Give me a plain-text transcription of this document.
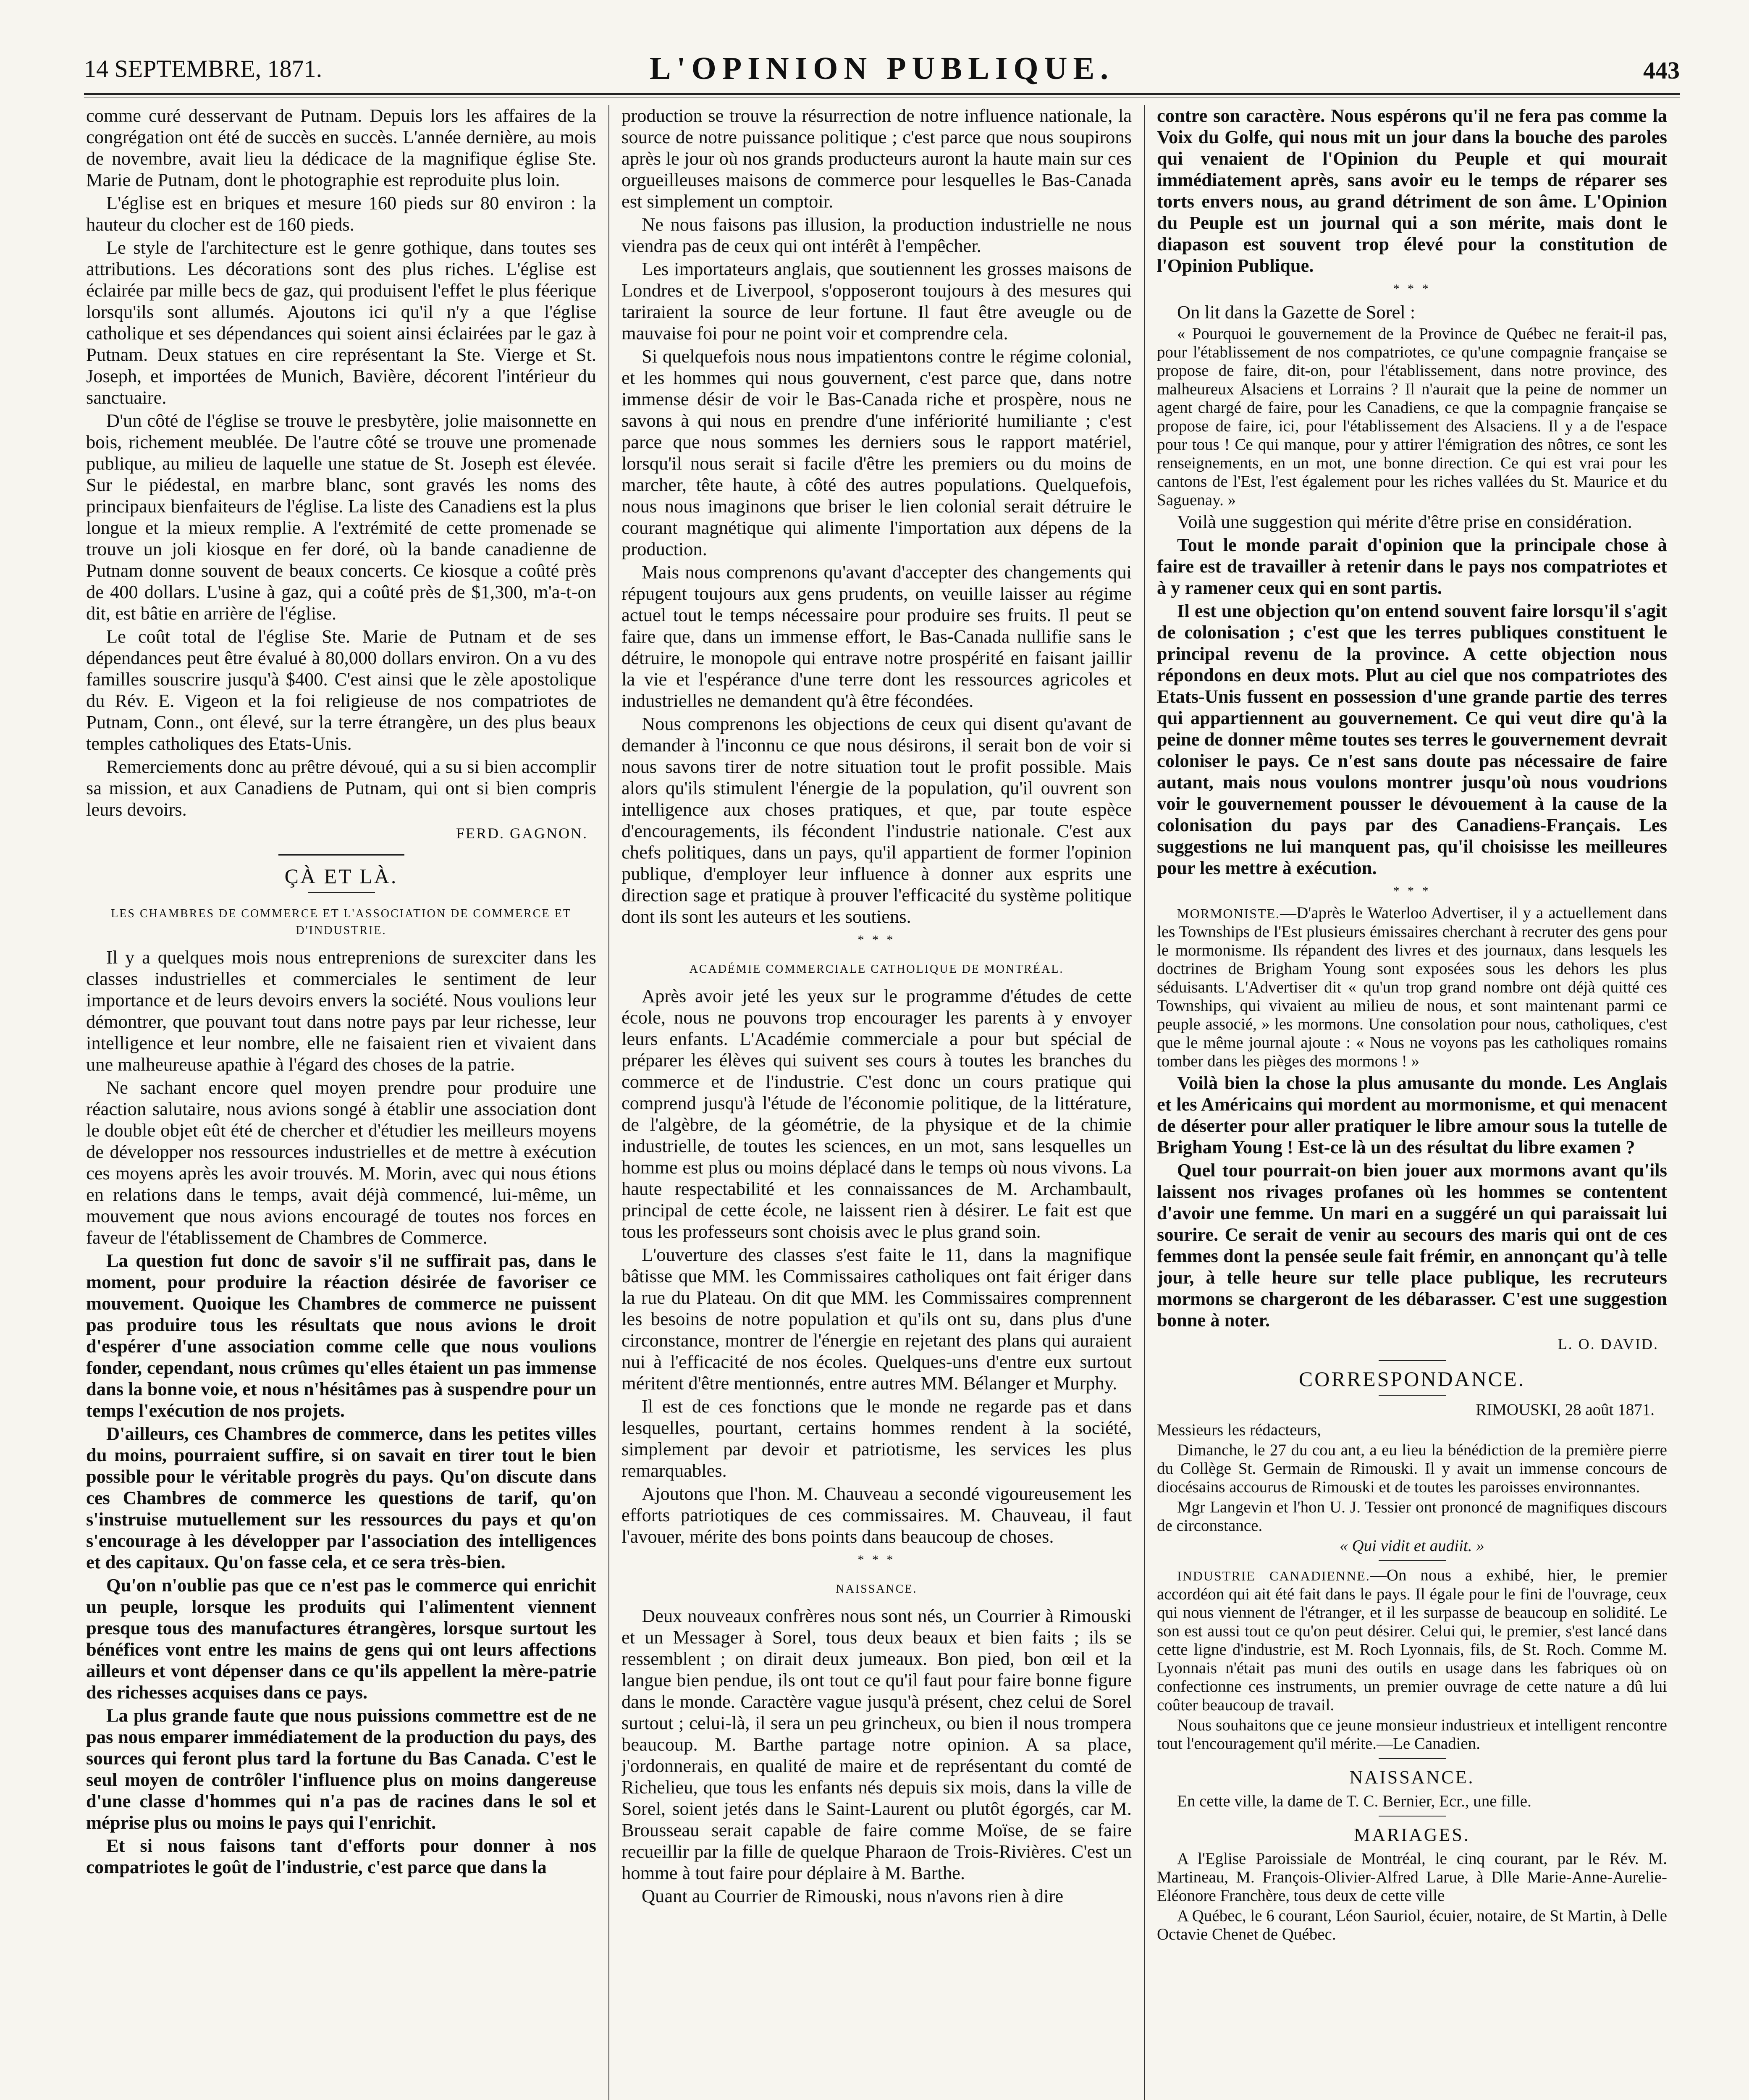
14 SEPTEMBRE, 1871.	L'OPINION PUBLIQUE.	443

comme curé desservant de Putnam. Depuis lors les affaires de la congrégation ont été de succès en succès. L'année dernière, au mois de novembre, avait lieu la dédicace de la magnifique église Ste. Marie de Putnam, dont le photographie est reproduite plus loin.

L'église est en briques et mesure 160 pieds sur 80 environ : la hauteur du clocher est de 160 pieds.

Le style de l'architecture est le genre gothique, dans toutes ses attributions. Les décorations sont des plus riches. L'église est éclairée par mille becs de gaz, qui produisent l'effet le plus féerique lorsqu'ils sont allumés. Ajoutons ici qu'il n'y a que l'église catholique et ses dépendances qui soient ainsi éclairées par le gaz à Putnam. Deux statues en cire représentant la Ste. Vierge et St. Joseph, et importées de Munich, Bavière, décorent l'intérieur du sanctuaire.

D'un côté de l'église se trouve le presbytère, jolie maisonnette en bois, richement meublée. De l'autre côté se trouve une promenade publique, au milieu de laquelle une statue de St. Joseph est élevée. Sur le piédestal, en marbre blanc, sont gravés les noms des principaux bienfaiteurs de l'église. La liste des Canadiens est la plus longue et la mieux remplie. A l'extrémité de cette promenade se trouve un joli kiosque en fer doré, où la bande canadienne de Putnam donne souvent de beaux concerts. Ce kiosque a coûté près de 400 dollars. L'usine à gaz, qui a coûté près de $1,300, m'a-t-on dit, est bâtie en arrière de l'église.

Le coût total de l'église Ste. Marie de Putnam et de ses dépendances peut être évalué à 80,000 dollars environ. On a vu des familles souscrire jusqu'à $400. C'est ainsi que le zèle apostolique du Rév. E. Vigeon et la foi religieuse de nos compatriotes de Putnam, Conn., ont élevé, sur la terre étrangère, un des plus beaux temples catholiques des Etats-Unis.

Remerciements donc au prêtre dévoué, qui a su si bien accomplir sa mission, et aux Canadiens de Putnam, qui ont si bien compris leurs devoirs.

FERD. GAGNON.

ÇÀ ET LÀ.

LES CHAMBRES DE COMMERCE ET L'ASSOCIATION DE COMMERCE ET D'INDUSTRIE.

Il y a quelques mois nous entreprenions de surexciter dans les classes industrielles et commerciales le sentiment de leur importance et de leurs devoirs envers la société. Nous voulions leur démontrer, que pouvant tout dans notre pays par leur richesse, leur intelligence et leur nombre, elle ne faisaient rien et vivaient dans une malheureuse apathie à l'égard des choses de la patrie.

Ne sachant encore quel moyen prendre pour produire une réaction salutaire, nous avions songé à établir une association dont le double objet eût été de chercher et d'étudier les meilleurs moyens de développer nos ressources industrielles et de mettre à exécution ces moyens après les avoir trouvés. M. Morin, avec qui nous étions en relations dans le temps, avait déjà commencé, lui-même, un mouvement que nous avions encouragé de toutes nos forces en faveur de l'établissement de Chambres de Commerce.

La question fut donc de savoir s'il ne suffirait pas, dans le moment, pour produire la réaction désirée de favoriser ce mouvement. Quoique les Chambres de commerce ne puissent pas produire tous les résultats que nous avions le droit d'espérer d'une association comme celle que nous voulions fonder, cependant, nous crûmes qu'elles étaient un pas immense dans la bonne voie, et nous n'hésitâmes pas à suspendre pour un temps l'exécution de nos projets.

D'ailleurs, ces Chambres de commerce, dans les petites villes du moins, pourraient suffire, si on savait en tirer tout le bien possible pour le véritable progrès du pays. Qu'on discute dans ces Chambres de commerce les questions de tarif, qu'on s'instruise mutuellement sur les ressources du pays et qu'on s'encourage à les développer par l'association des intelligences et des capitaux. Qu'on fasse cela, et ce sera très-bien.

Qu'on n'oublie pas que ce n'est pas le commerce qui enrichit un peuple, lorsque les produits qui l'alimentent viennent presque tous des manufactures étrangères, lorsque surtout les bénéfices vont entre les mains de gens qui ont leurs affections ailleurs et vont dépenser dans ce qu'ils appellent la mère-patrie des richesses acquises dans ce pays.

La plus grande faute que nous puissions commettre est de ne pas nous emparer immédiatement de la production du pays, des sources qui feront plus tard la fortune du Bas Canada. C'est le seul moyen de contrôler l'influence plus on moins dangereuse d'une classe d'hommes qui n'a pas de racines dans le sol et méprise plus ou moins le pays qui l'enrichit.

Et si nous faisons tant d'efforts pour donner à nos compatriotes le goût de l'industrie, c'est parce que dans la

production se trouve la résurrection de notre influence nationale, la source de notre puissance politique ; c'est parce que nous soupirons après le jour où nos grands producteurs auront la haute main sur ces orgueilleuses maisons de commerce pour lesquelles le Bas-Canada est simplement un comptoir.

Ne nous faisons pas illusion, la production industrielle ne nous viendra pas de ceux qui ont intérêt à l'empêcher.

Les importateurs anglais, que soutiennent les grosses maisons de Londres et de Liverpool, s'opposeront toujours à des mesures qui tariraient la source de leur fortune. Il faut être aveugle ou de mauvaise foi pour ne point voir et comprendre cela.

Si quelquefois nous nous impatientons contre le régime colonial, et les hommes qui nous gouvernent, c'est parce que, dans notre immense désir de voir le Bas-Canada riche et prospère, nous ne savons à qui nous en prendre d'une infériorité humiliante ; c'est parce que nous sommes les derniers sous le rapport matériel, lorsqu'il nous serait si facile d'être les premiers ou du moins de marcher, tête haute, à côté des autres populations. Quelquefois, nous nous imaginons que briser le lien colonial serait détruire le courant magnétique qui alimente l'importation aux dépens de la production.

Mais nous comprenons qu'avant d'accepter des changements qui répugent toujours aux gens prudents, on veuille laisser au régime actuel tout le temps nécessaire pour produire ses fruits. Il peut se faire que, dans un immense effort, le Bas-Canada nullifie sans le détruire, le monopole qui entrave notre prospérité en faisant jaillir la vie et l'espérance d'une terre dont les ressources agricoles et industrielles ne demandent qu'à être fécondées.

Nous comprenons les objections de ceux qui disent qu'avant de demander à l'inconnu ce que nous désirons, il serait bon de voir si nous savons tirer de notre situation tout le profit possible. Mais alors qu'ils stimulent l'énergie de la population, qu'il ouvrent son intelligence aux choses pratiques, et que, par toute espèce d'encouragements, ils fécondent l'industrie nationale. C'est aux chefs politiques, dans un pays, qu'il appartient de former l'opinion publique, d'employer leur influence à donner aux esprits une direction sage et pratique à prouver l'efficacité du système politique dont ils sont les auteurs et les soutiens.

* * *

ACADÉMIE COMMERCIALE CATHOLIQUE DE MONTRÉAL.

Après avoir jeté les yeux sur le programme d'études de cette école, nous ne pouvons trop encourager les parents à y envoyer leurs enfants. L'Académie commerciale a pour but spécial de préparer les élèves qui suivent ses cours à toutes les branches du commerce et de l'industrie. C'est donc un cours pratique qui comprend jusqu'à l'étude de l'économie politique, de la littérature, de l'algèbre, de la géométrie, de la physique et de la chimie industrielle, de toutes les sciences, en un mot, sans lesquelles un homme est plus ou moins déplacé dans le temps où nous vivons. La haute respectabilité et les connaissances de M. Archambault, principal de cette école, ne laissent rien à désirer. Le fait est que tous les professeurs sont choisis avec le plus grand soin.

L'ouverture des classes s'est faite le 11, dans la magnifique bâtisse que MM. les Commissaires catholiques ont fait ériger dans la rue du Plateau. On dit que MM. les Commissaires comprennent les besoins de notre population et qu'ils ont su, dans plus d'une circonstance, montrer de l'énergie en rejetant des plans qui auraient nui à l'efficacité de nos écoles. Quelques-uns d'entre eux surtout méritent d'être mentionnés, entre autres MM. Bélanger et Murphy.

Il est de ces fonctions que le monde ne regarde pas et dans lesquelles, pourtant, certains hommes rendent à la société, simplement par devoir et patriotisme, les services les plus remarquables.

Ajoutons que l'hon. M. Chauveau a secondé vigoureusement les efforts patriotiques de ces commissaires. M. Chauveau, il faut l'avouer, mérite des bons points dans beaucoup de choses.

* * *

NAISSANCE.

Deux nouveaux confrères nous sont nés, un Courrier à Rimouski et un Messager à Sorel, tous deux beaux et bien faits ; ils se ressemblent ; on dirait deux jumeaux. Bon pied, bon œil et la langue bien pendue, ils ont tout ce qu'il faut pour faire bonne figure dans le monde. Caractère vague jusqu'à présent, chez celui de Sorel surtout ; celui-là, il sera un peu grincheux, ou bien il nous trompera beaucoup. M. Barthe partage notre opinion. A sa place, j'ordonnerais, en qualité de maire et de représentant du comté de Richelieu, que tous les enfants nés depuis six mois, dans la ville de Sorel, soient jetés dans le Saint-Laurent ou plutôt égorgés, car M. Brousseau serait capable de faire comme Moïse, de se faire recueillir par la fille de quelque Pharaon de Trois-Rivières. C'est un homme à tout faire pour déplaire à M. Barthe.

Quant au Courrier de Rimouski, nous n'avons rien à dire

contre son caractère. Nous espérons qu'il ne fera pas comme la Voix du Golfe, qui nous mit un jour dans la bouche des paroles qui venaient de l'Opinion du Peuple et qui mourait immédiatement après, sans avoir eu le temps de réparer ses torts envers nous, au grand détriment de son âme. L'Opinion du Peuple est un journal qui a son mérite, mais dont le diapason est souvent trop élevé pour la constitution de l'Opinion Publique.

* * *

On lit dans la Gazette de Sorel :

« Pourquoi le gouvernement de la Province de Québec ne ferait-il pas, pour l'établissement de nos compatriotes, ce qu'une compagnie française se propose de faire, dit-on, pour l'établissement, dans notre province, des malheureux Alsaciens et Lorrains ? Il n'aurait que la peine de nommer un agent chargé de faire, pour les Canadiens, ce que la compagnie française se propose de faire, ici, pour l'établissement des Alsaciens. Il y a de l'espace pour tous ! Ce qui manque, pour y attirer l'émigration des nôtres, ce sont les renseignements, en un mot, une bonne direction. Ce qui est vrai pour les cantons de l'Est, l'est également pour les riches vallées du St. Maurice et du Saguenay. »

Voilà une suggestion qui mérite d'être prise en considération.

Tout le monde parait d'opinion que la principale chose à faire est de travailler à retenir dans le pays nos compatriotes et à y ramener ceux qui en sont partis.

Il est une objection qu'on entend souvent faire lorsqu'il s'agit de colonisation ; c'est que les terres publiques constituent le principal revenu de la province. A cette objection nous répondons en deux mots. Plut au ciel que nos compatriotes des Etats-Unis fussent en possession d'une grande partie des terres qui appartiennent au gouvernement. Ce qui veut dire qu'à la peine de donner même toutes ses terres le gouvernement devrait coloniser le pays. Ce n'est sans doute pas nécessaire de faire autant, mais nous voulons montrer jusqu'où nous voudrions voir le gouvernement pousser le dévouement à la cause de la colonisation du pays par des Canadiens-Français. Les suggestions ne lui manquent pas, qu'il choisisse les meilleures pour les mettre à exécution.

* * *

MORMONISTE.—D'après le Waterloo Advertiser, il y a actuellement dans les Townships de l'Est plusieurs émissaires cherchant à recruter des gens pour le mormonisme. Ils répandent des livres et des journaux, dans lesquels les doctrines de Brigham Young sont exposées sous les dehors les plus séduisants. L'Advertiser dit « qu'un trop grand nombre ont déjà quitté ces Townships, qui vivaient au milieu de nous, et sont maintenant parmi ce peuple associé, » les mormons. Une consolation pour nous, catholiques, c'est que le même journal ajoute : « Nous ne voyons pas les catholiques romains tomber dans les pièges des mormons ! »

Voilà bien la chose la plus amusante du monde. Les Anglais et les Américains qui mordent au mormonisme, et qui menacent de déserter pour aller pratiquer le libre amour sous la tutelle de Brigham Young ! Est-ce là un des résultat du libre examen ?

Quel tour pourrait-on bien jouer aux mormons avant qu'ils laissent nos rivages profanes où les hommes se contentent d'avoir une femme. Un mari en a suggéré un qui paraissait lui sourire. Ce serait de venir au secours des maris qui ont de ces femmes dont la pensée seule fait frémir, en annonçant qu'à telle jour, à telle heure sur telle place publique, les recruteurs mormons se chargeront de les débarasser. C'est une suggestion bonne à noter.

L. O. DAVID.

CORRESPONDANCE.

RIMOUSKI, 28 août 1871.

Messieurs les rédacteurs,

Dimanche, le 27 du cou ant, a eu lieu la bénédiction de la première pierre du Collège St. Germain de Rimouski. Il y avait un immense concours de diocésains accourus de Rimouski et de toutes les paroisses environnantes.

Mgr Langevin et l'hon U. J. Tessier ont prononcé de magnifiques discours de circonstance.

« Qui vidit et audiit. »

INDUSTRIE CANADIENNE.—On nous a exhibé, hier, le premier accordéon qui ait été fait dans le pays. Il égale pour le fini de l'ouvrage, ceux qui nous viennent de l'étranger, et il les surpasse de beaucoup en solidité. Le son est aussi tout ce qu'on peut désirer. Celui qui, le premier, s'est lancé dans cette ligne d'industrie, est M. Roch Lyonnais, fils, de St. Roch. Comme M. Lyonnais n'était pas muni des outils en usage dans les fabriques où on confectionne ces instruments, un premier ouvrage de cette nature a dû lui coûter beaucoup de travail.

Nous souhaitons que ce jeune monsieur industrieux et intelligent rencontre tout l'encouragement qu'il mérite.—Le Canadien.

NAISSANCE.

En cette ville, la dame de T. C. Bernier, Ecr., une fille.

MARIAGES.

A l'Eglise Paroissiale de Montréal, le cinq courant, par le Rév. M. Martineau, M. François-Olivier-Alfred Larue, à Dlle Marie-Anne-Aurelie-Eléonore Franchère, tous deux de cette ville

A Québec, le 6 courant, Léon Sauriol, écuier, notaire, de St Martin, à Delle Octavie Chenet de Québec.
